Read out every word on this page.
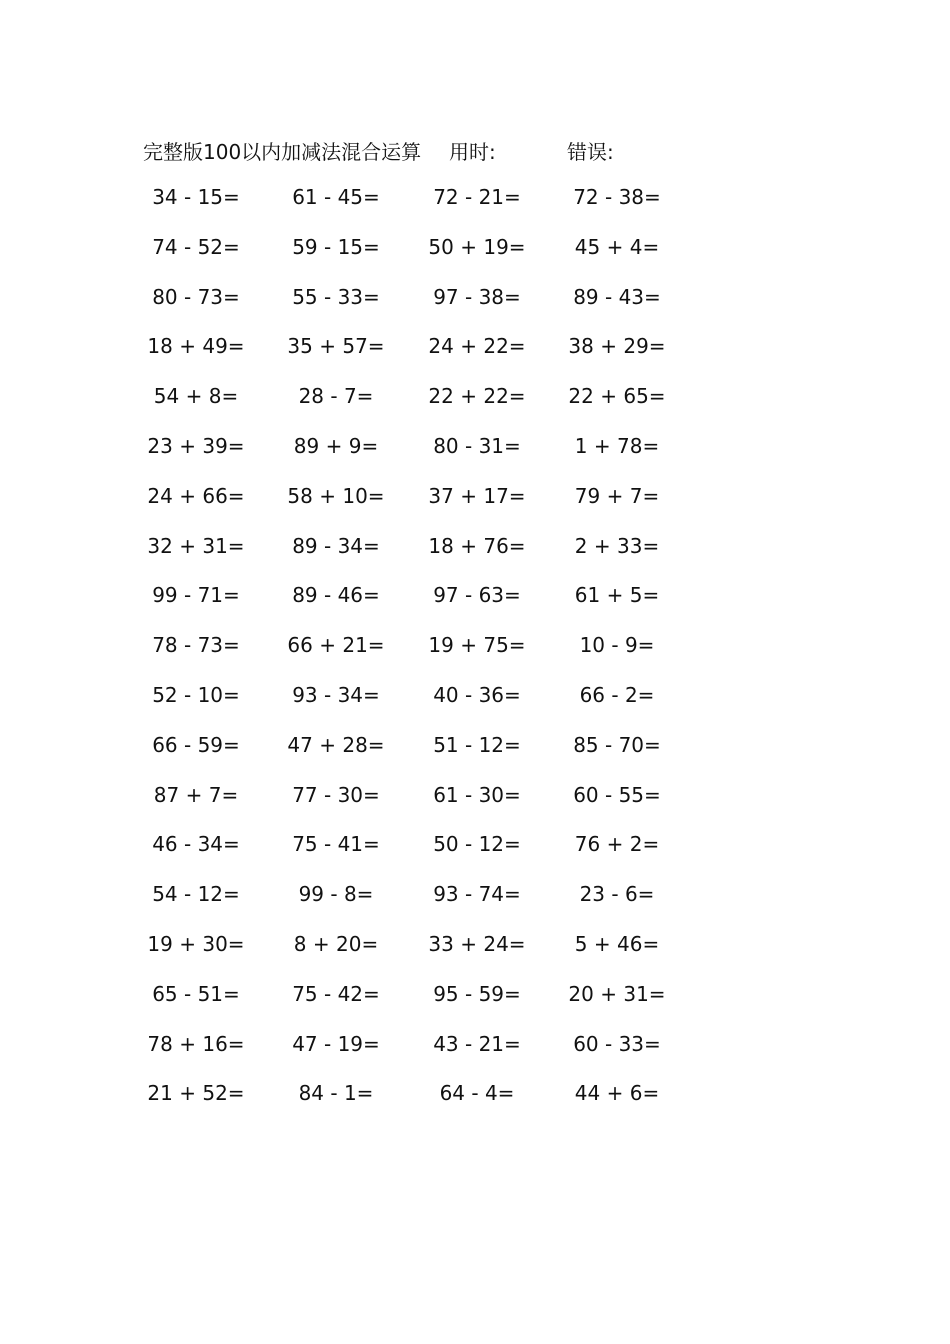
完整版100以内加减法混合运算 用时:	错误:
34 - 15=	61 - 45=	72 - 21=	72 - 38=
74 - 52=	59 - 15=	50 + 19=	45 + 4=
80 - 73=	55 - 33=	97 - 38=	89 - 43=
18 + 49=	35 + 57=	24 + 22=	38 + 29=
54 + 8=	28 - 7=	22 + 22=	22 + 65=
23 + 39=	89 + 9=	80 - 31=	1 + 78=
24 + 66=	58 + 10=	37 + 17=	79 + 7=
32 + 31=	89 - 34=	18 + 76=	2 + 33=
99 - 71=	89 - 46=	97 - 63=	61 + 5=
78 - 73=	66 + 21=	19 + 75=	10 - 9=
52 - 10=	93 - 34=	40 - 36=	66 - 2=
66 - 59=	47 + 28=	51 - 12=	85 - 70=
87 + 7=	77 - 30=	61 - 30=	60 - 55=
46 - 34=	75 - 41=	50 - 12=	76 + 2=
54 - 12=	99 - 8=	93 - 74=	23 - 6=
19 + 30=	8 + 20=	33 + 24=	5 + 46=
65 - 51=	75 - 42=	95 - 59=	20 + 31=
78 + 16=	47 - 19=	43 - 21=	60 - 33=
21 + 52=	84 - 1=	64 - 4=	44 + 6=
